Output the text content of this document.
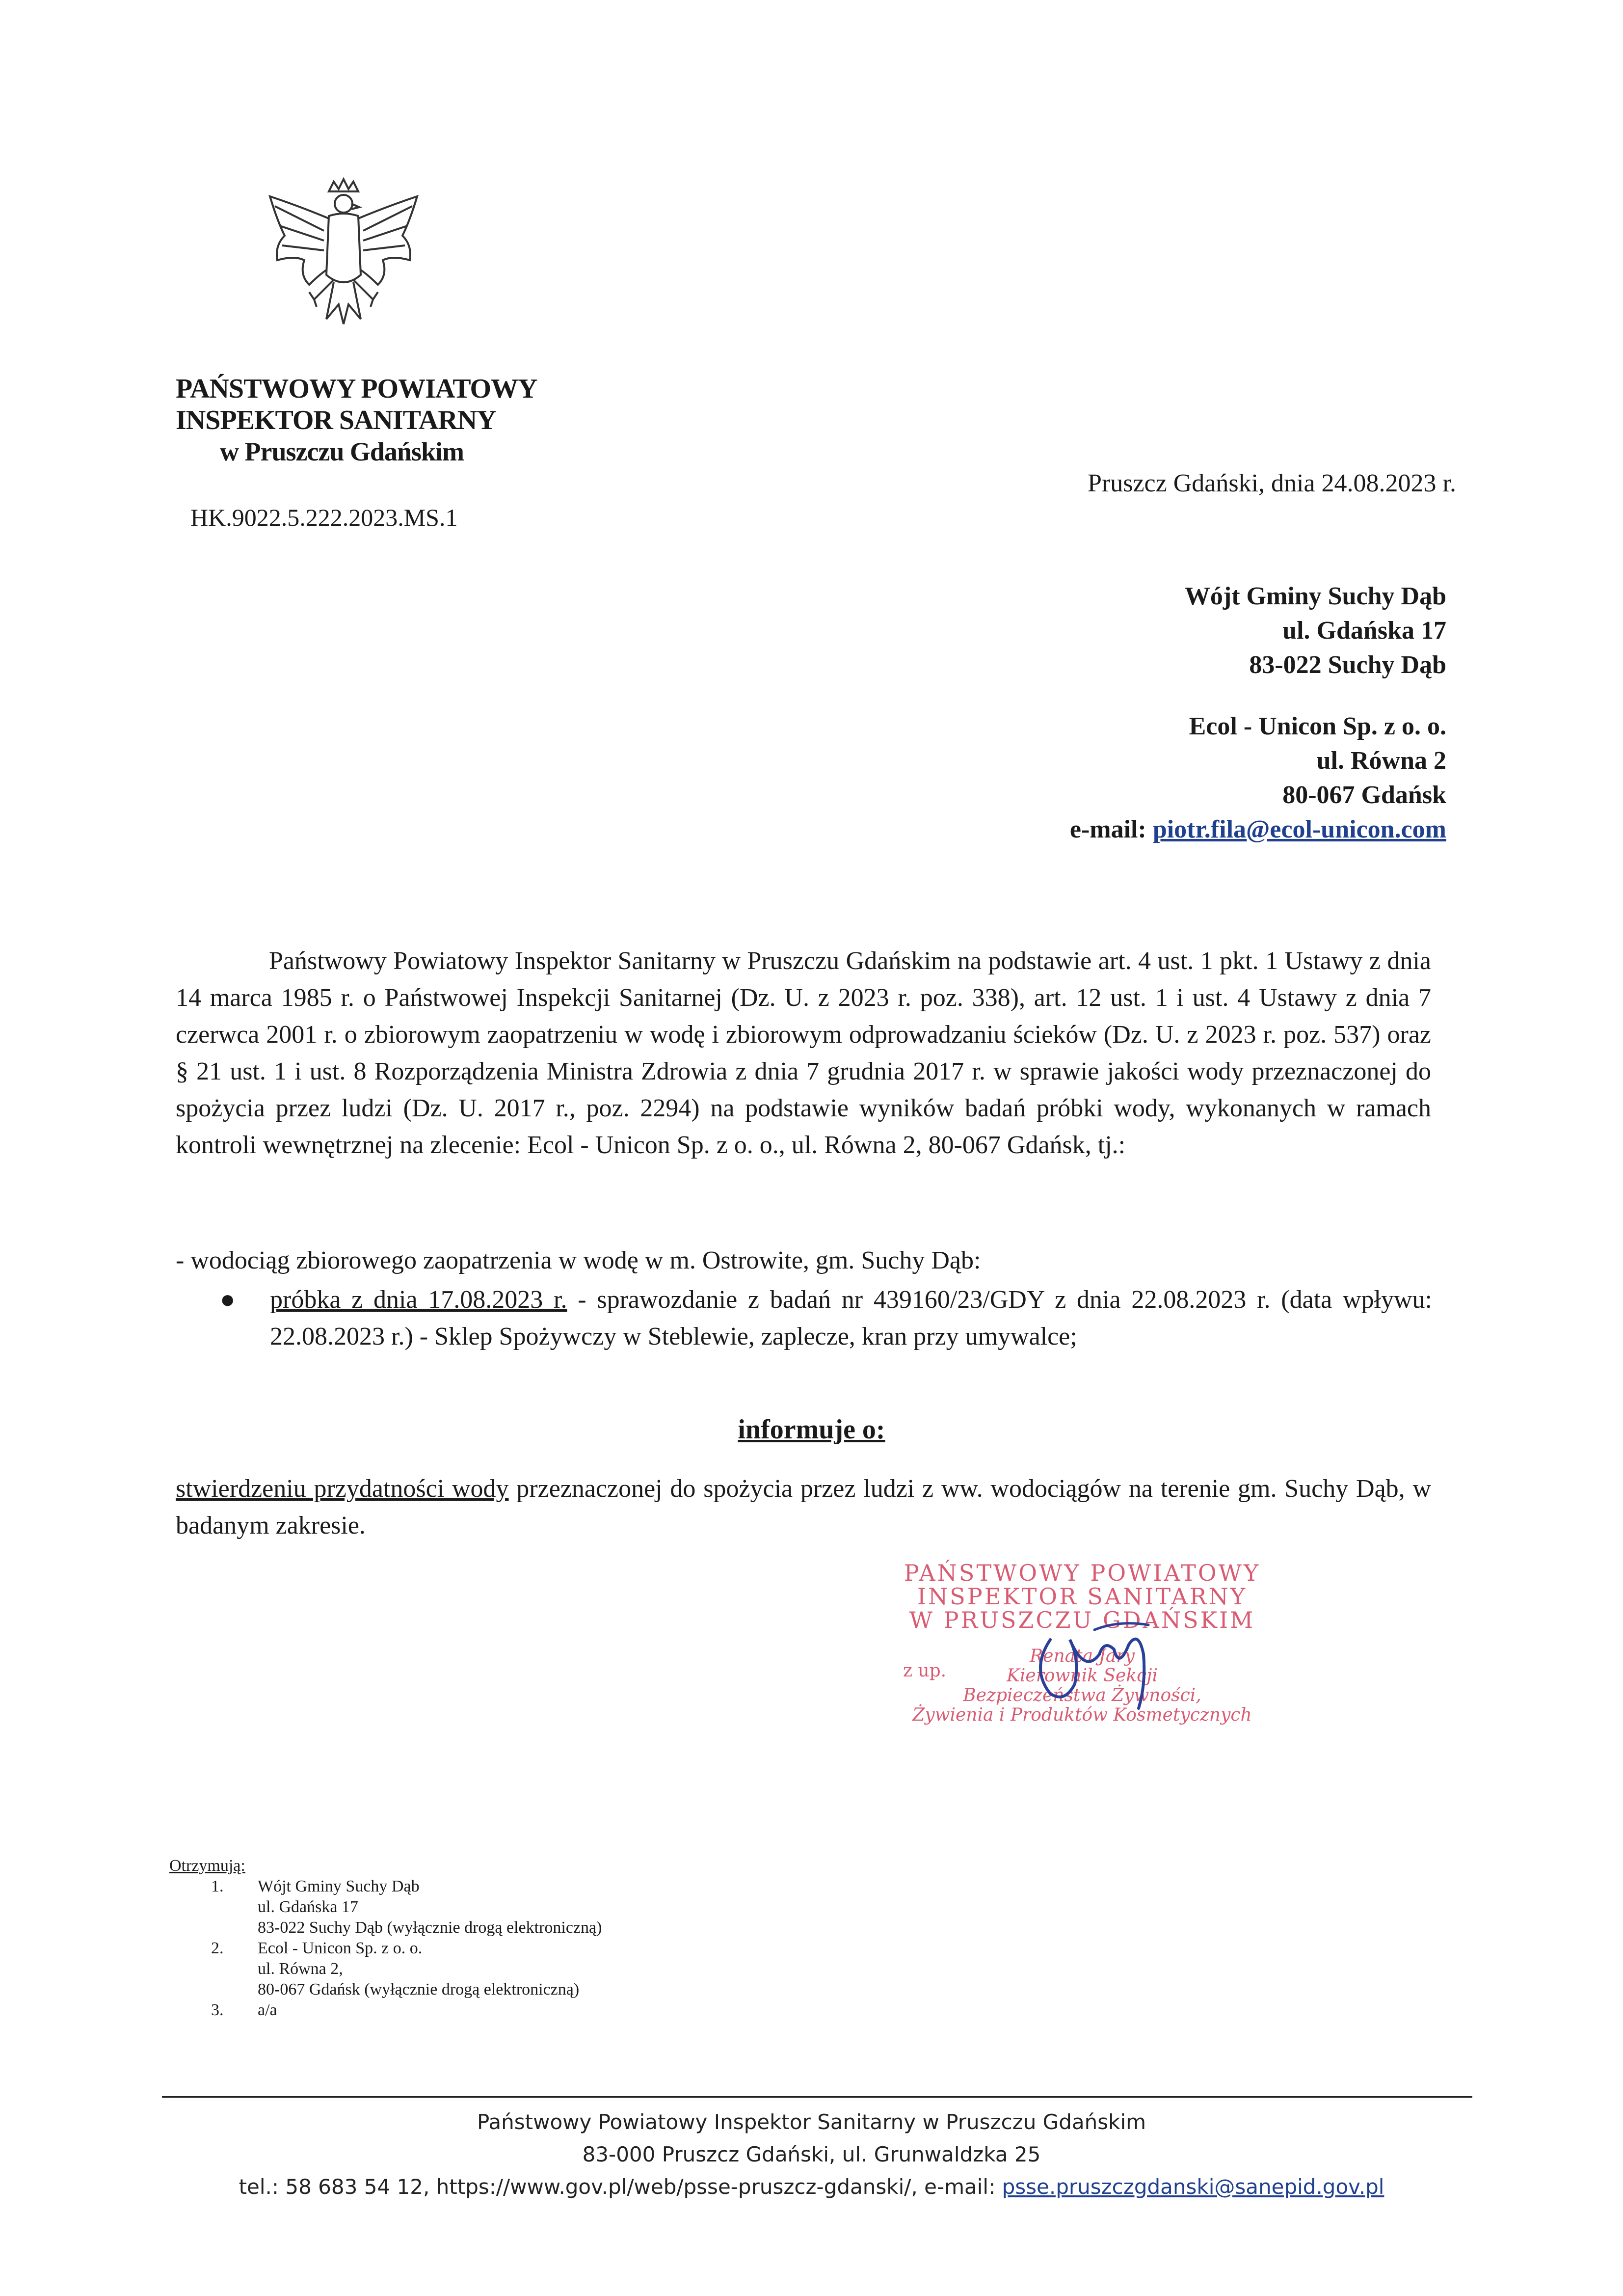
PAŃSTWOWY POWIATOWY
INSPEKTOR SANITARNY
w Pruszczu Gdańskim
HK.9022.5.222.2023.MS.1
Pruszcz Gdański, dnia 24.08.2023 r.
Wójt Gminy Suchy Dąb
ul. Gdańska 17
83-022 Suchy Dąb
Ecol - Unicon Sp. z o. o.
ul. Równa 2
80-067 Gdańsk
e-mail: piotr.fila@ecol-unicon.com
Państwowy Powiatowy Inspektor Sanitarny w Pruszczu Gdańskim na podstawie art. 4 ust. 1 pkt. 1 Ustawy z dnia 14 marca 1985 r. o Państwowej Inspekcji Sanitarnej (Dz. U. z 2023 r. poz. 338), art. 12 ust. 1 i ust. 4 Ustawy z dnia 7 czerwca 2001 r. o zbiorowym zaopatrzeniu w wodę i zbiorowym odprowadzaniu ścieków (Dz. U. z 2023 r. poz. 537) oraz § 21 ust. 1 i ust. 8 Rozporządzenia Ministra Zdrowia z dnia 7 grudnia 2017 r. w sprawie jakości wody przeznaczonej do spożycia przez ludzi (Dz. U. 2017 r., poz. 2294) na podstawie wyników badań próbki wody, wykonanych w ramach kontroli wewnętrznej na zlecenie: Ecol - Unicon Sp. z o. o., ul. Równa 2, 80-067 Gdańsk, tj.:
- wodociąg zbiorowego zaopatrzenia w wodę w m. Ostrowite, gm. Suchy Dąb:
● próbka z dnia 17.08.2023 r. - sprawozdanie z badań nr 439160/23/GDY z dnia 22.08.2023 r. (data wpływu: 22.08.2023 r.) - Sklep Spożywczy w Steblewie, zaplecze, kran przy umywalce;
informuje o:
stwierdzeniu przydatności wody przeznaczonej do spożycia przez ludzi z ww. wodociągów na terenie gm. Suchy Dąb, w badanym zakresie.
PAŃSTWOWY POWIATOWY
INSPEKTOR SANITARNY
W PRUSZCZU GDAŃSKIM
z up.
Renata Jary
Kierownik Sekcji
Bezpieczeństwa Żywności,
Żywienia i Produktów Kosmetycznych
Otrzymują:
1. Wójt Gminy Suchy Dąb
ul. Gdańska 17
83-022 Suchy Dąb (wyłącznie drogą elektroniczną)
2. Ecol - Unicon Sp. z o. o.
ul. Równa 2,
80-067 Gdańsk (wyłącznie drogą elektroniczną)
3. a/a
Państwowy Powiatowy Inspektor Sanitarny w Pruszczu Gdańskim
83-000 Pruszcz Gdański, ul. Grunwaldzka 25
tel.: 58 683 54 12, https://www.gov.pl/web/psse-pruszcz-gdanski/, e-mail: psse.pruszczgdanski@sanepid.gov.pl
